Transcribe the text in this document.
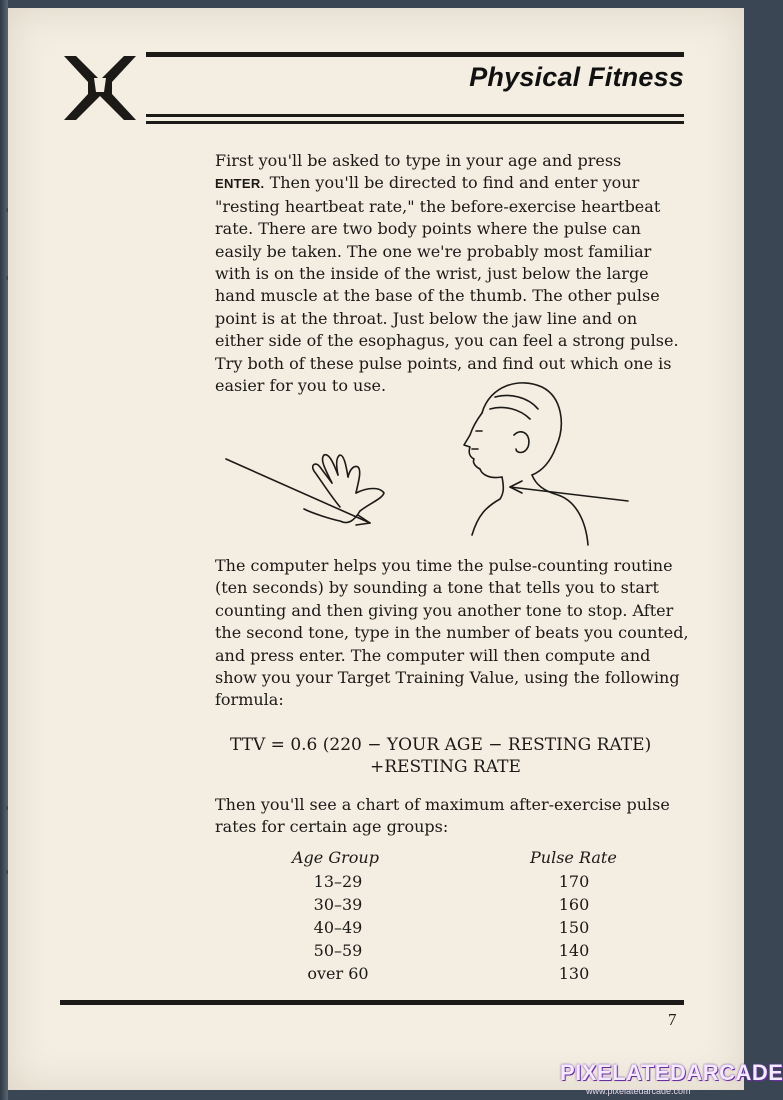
Physical Fitness
First you'll be asked to type in your age and press
ENTER. Then you'll be directed to find and enter your
"resting heartbeat rate," the before-exercise heartbeat
rate. There are two body points where the pulse can
easily be taken. The one we're probably most familiar
with is on the inside of the wrist, just below the large
hand muscle at the base of the thumb. The other pulse
point is at the throat. Just below the jaw line and on
either side of the esophagus, you can feel a strong pulse.
Try both of these pulse points, and find out which one is
easier for you to use.
The computer helps you time the pulse-counting routine
(ten seconds) by sounding a tone that tells you to start
counting and then giving you another tone to stop. After
the second tone, type in the number of beats you counted,
and press enter. The computer will then compute and
show you your Target Training Value, using the following
formula:
TTV = 0.6 (220 − YOUR AGE − RESTING RATE)
+RESTING RATE
Then you'll see a chart of maximum after-exercise pulse
rates for certain age groups:
Age Group	Pulse Rate
13–29	170
30–39	160
40–49	150
50–59	140
over 60	130
7
PIXELATEDARCADE
www.pixelatedarcade.com
